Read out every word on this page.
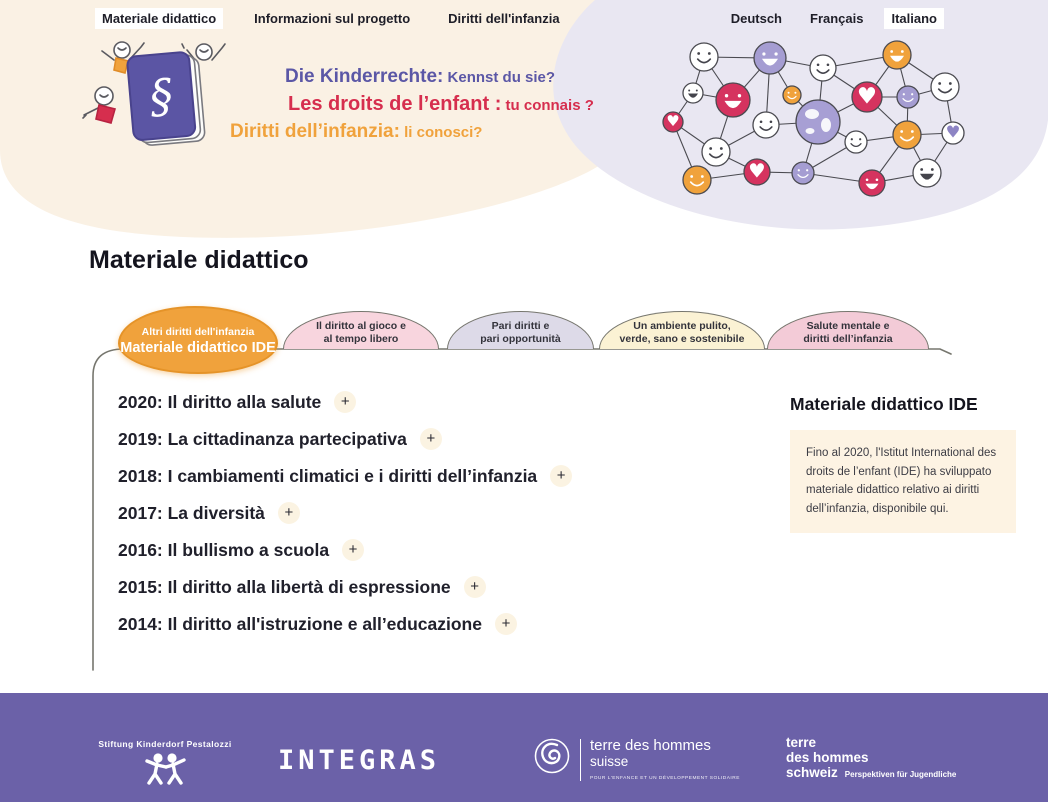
Materiale didattico	Informazioni sul progetto	Diritti dell'infanzia	Deutsch	Français	Italiano
§	Die Kinderrechte: Kennst du sie?
Les droits de l’enfant : tu connais ?
Diritti dell’infanzia: li conosci?
♥
♥
♥
♥
Materiale didattico
Altri diritti dell'infanzia
Materiale didattico IDE
Il diritto al gioco e
al tempo libero
Pari diritti e
pari opportunità
Un ambiente pulito,
verde, sano e sostenibile
Salute mentale e
diritti dell’infanzia
2020: Il diritto alla salute	+
2019: La cittadinanza partecipativa	+
2018: I cambiamenti climatici e i diritti dell’infanzia	+
2017: La diversità	+
2016: Il bullismo a scuola	+
2015: Il diritto alla libertà di espressione	+
2014: Il diritto all'istruzione e all’educazione	+
Materiale didattico IDE
Fino al 2020, l'Istitut International des droits de l’enfant (IDE) ha sviluppato materiale didattico relativo ai diritti dell’infanzia, disponibile qui.
Stiftung Kinderdorf Pestalozzi
INTEGRAS	terre des hommes
suisse
POUR L'ENFANCE ET UN DÉVELOPPEMENT SOLIDAIRE
terre
des hommes
schweiz Perspektiven für Jugendliche
